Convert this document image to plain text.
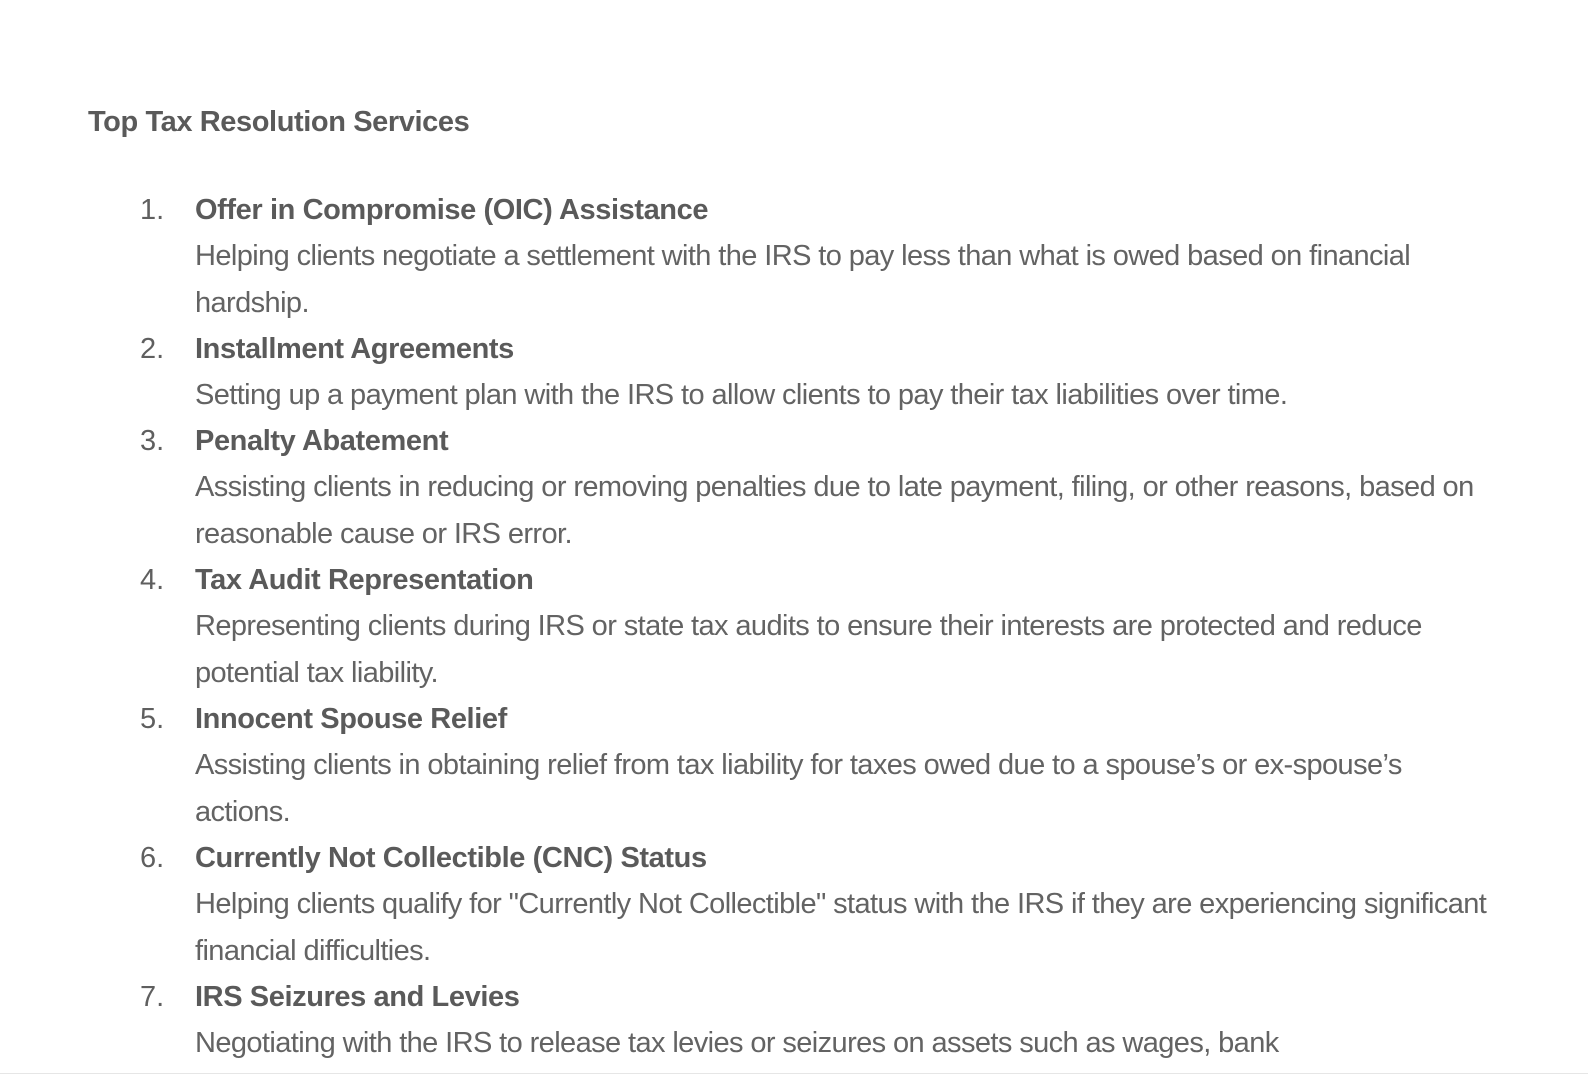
Top Tax Resolution Services
1.	Offer in Compromise (OIC) Assistance
Helping clients negotiate a settlement with the IRS to pay less than what is owed based on financial hardship.
2.	Installment Agreements
Setting up a payment plan with the IRS to allow clients to pay their tax liabilities over time.
3.	Penalty Abatement
Assisting clients in reducing or removing penalties due to late payment, filing, or other reasons, based on reasonable cause or IRS error.
4.	Tax Audit Representation
Representing clients during IRS or state tax audits to ensure their interests are protected and reduce potential tax liability.
5.	Innocent Spouse Relief
Assisting clients in obtaining relief from tax liability for taxes owed due to a spouse’s or ex-spouse’s actions.
6.	Currently Not Collectible (CNC) Status
Helping clients qualify for "Currently Not Collectible" status with the IRS if they are experiencing significant financial difficulties.
7.	IRS Seizures and Levies
Negotiating with the IRS to release tax levies or seizures on assets such as wages, bank
